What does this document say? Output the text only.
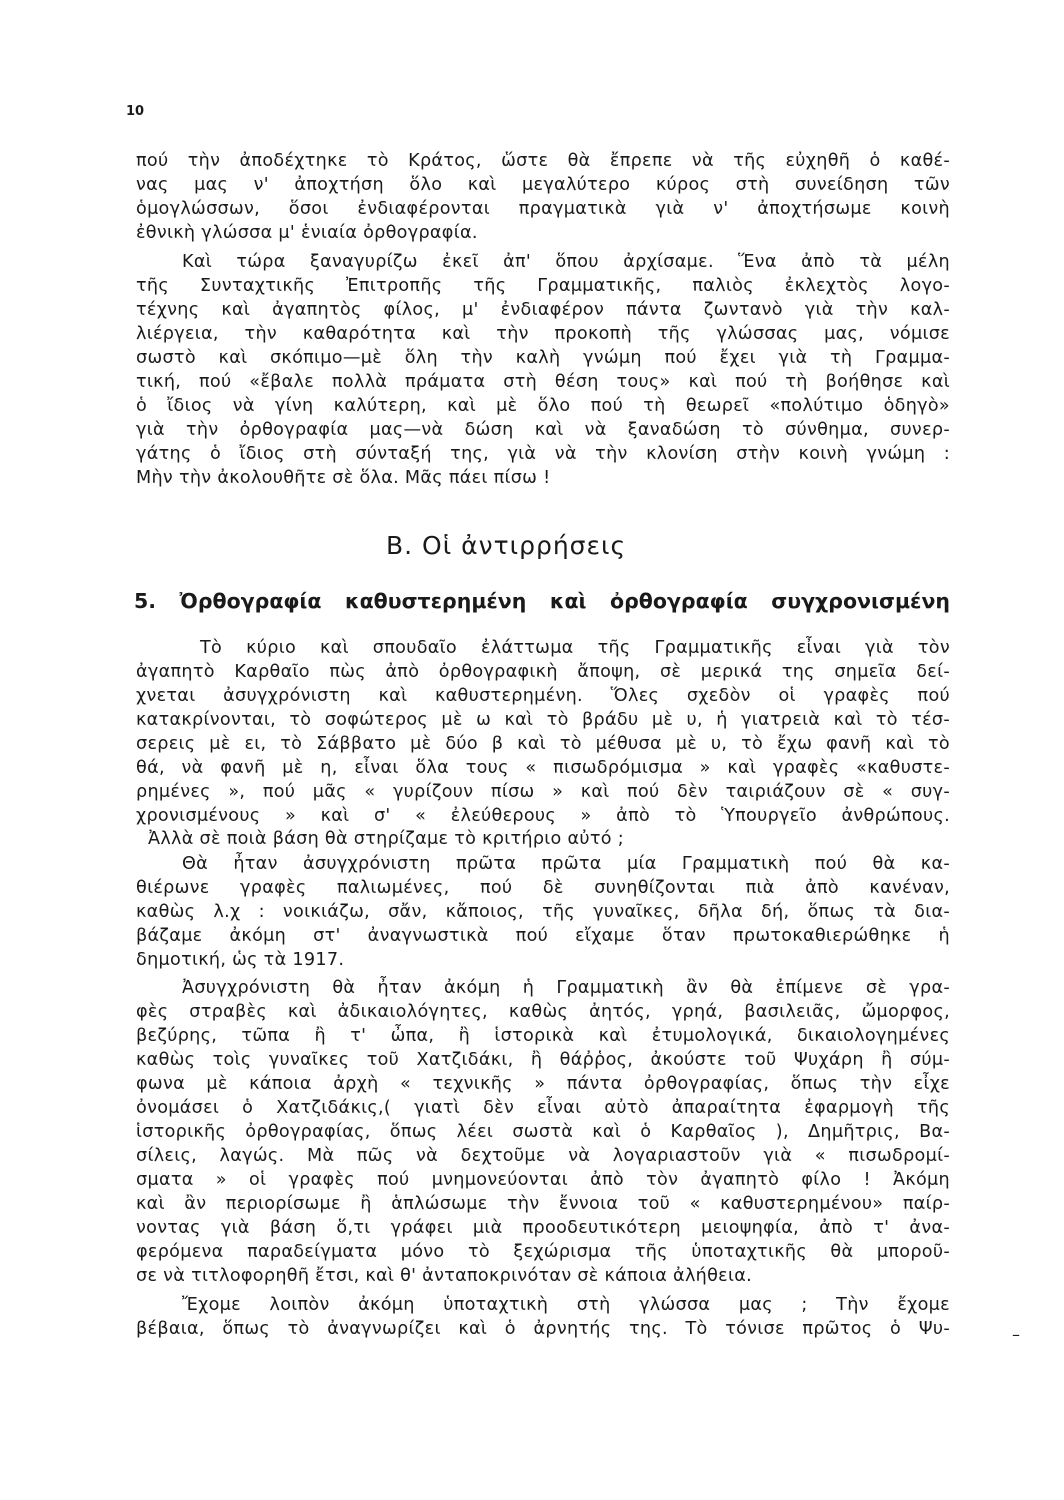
10
πού τὴν ἀποδέχτηκε τὸ Κράτος, ὥστε θὰ ἔπρεπε νὰ τῆς εὐχηθῆ ὁ καθέ-
νας μας ν' ἀποχτήση ὅλο καὶ μεγαλύτερο κύρος στὴ συνείδηση τῶν
ὁμογλώσσων, ὅσοι ἐνδιαφέρονται πραγματικὰ γιὰ ν' ἀποχτήσωμε κοινὴ
ἐθνικὴ γλώσσα μ' ἑνιαία ὀρθογραφία.
Καὶ τώρα ξαναγυρίζω ἐκεῖ ἀπ' ὅπου ἀρχίσαμε. Ἕνα ἀπὸ τὰ μέλη
τῆς Συνταχτικῆς Ἐπιτροπῆς τῆς Γραμματικῆς, παλιὸς ἐκλεχτὸς λογο-
τέχνης καὶ ἀγαπητὸς φίλος, μ' ἐνδιαφέρον πάντα ζωντανὸ γιὰ τὴν καλ-
λιέργεια, τὴν καθαρότητα καὶ τὴν προκοπὴ τῆς γλώσσας μας, νόμισε
σωστὸ καὶ σκόπιμο—μὲ ὅλη τὴν καλὴ γνώμη πού ἔχει γιὰ τὴ Γραμμα-
τική, πού «ἔβαλε πολλὰ πράματα στὴ θέση τους» καὶ πού τὴ βοήθησε καὶ
ὁ ἴδιος νὰ γίνη καλύτερη, καὶ μὲ ὅλο πού τὴ θεωρεῖ «πολύτιμο ὁδηγὸ»
γιὰ τὴν ὀρθογραφία μας—νὰ δώση καὶ νὰ ξαναδώση τὸ σύνθημα, συνερ-
γάτης ὁ ἴδιος στὴ σύνταξή της, γιὰ νὰ τὴν κλονίση στὴν κοινὴ γνώμη :
Μὴν τὴν ἀκολουθῆτε σὲ ὅλα. Μᾶς πάει πίσω !
Β. Οἱ ἀντιρρήσεις
5. Ὀρθογραφία καθυστερημένη καὶ ὀρθογραφία συγχρονισμένη
Τὸ κύριο καὶ σπουδαῖο ἐλάττωμα τῆς Γραμματικῆς εἶναι γιὰ τὸν
ἀγαπητὸ Καρθαῖο πὼς ἀπὸ ὀρθογραφικὴ ἄποψη, σὲ μερικά της σημεῖα δεί-
χνεται ἀσυγχρόνιστη καὶ καθυστερημένη. Ὅλες σχεδὸν οἱ γραφὲς πού
κατακρίνονται, τὸ σοφώτερος μὲ ω καὶ τὸ βράδυ μὲ υ, ἡ γιατρειὰ καὶ τὸ τέσ-
σερεις μὲ ει, τὸ Σάββατο μὲ δύο β καὶ τὸ μέθυσα μὲ υ, τὸ ἔχω φανῆ καὶ τὸ
θά, νὰ φανῆ μὲ η, εἶναι ὅλα τους « πισωδρόμισμα » καὶ γραφὲς «καθυστε-
ρημένες », πού μᾶς « γυρίζουν πίσω » καὶ πού δὲν ταιριάζουν σὲ « συγ-
χρονισμένους » καὶ σ' « ἐλεύθερους » ἀπὸ τὸ Ὑπουργεῖο ἀνθρώπους.
Ἀλλὰ σὲ ποιὰ βάση θὰ στηρίζαμε τὸ κριτήριο αὐτό ;
Θὰ ἦταν ἀσυγχρόνιστη πρῶτα πρῶτα μία Γραμματικὴ πού θὰ κα-
θιέρωνε γραφὲς παλιωμένες, πού δὲ συνηθίζονται πιὰ ἀπὸ κανέναν,
καθὼς λ.χ : νοικιάζω, σἄν, κἄποιος, τῆς γυναῖκες, δῆλα δή, ὅπως τὰ δια-
βάζαμε ἀκόμη στ' ἀναγνωστικὰ πού εἴχαμε ὅταν πρωτοκαθιερώθηκε ἡ
δημοτική, ὡς τὰ 1917.
Ἀσυγχρόνιστη θὰ ἦταν ἀκόμη ἡ Γραμματικὴ ἂν θὰ ἐπίμενε σὲ γρα-
φὲς στραβὲς καὶ ἀδικαιολόγητες, καθὼς ἀητός, γρηά, βασιλειᾶς, ὤμορφος,
βεζύρης, τῶπα ἢ τ' ὦπα, ἢ ἱστορικὰ καὶ ἐτυμολογικά, δικαιολογημένες
καθὼς τοὶς γυναῖκες τοῦ Χατζιδάκι, ἢ θάῤῥος, ἀκούστε τοῦ Ψυχάρη ἢ σύμ-
φωνα μὲ κάποια ἀρχὴ « τεχνικῆς » πάντα ὀρθογραφίας, ὅπως τὴν εἶχε
ὀνομάσει ὁ Χατζιδάκις,( γιατὶ δὲν εἶναι αὐτὸ ἀπαραίτητα ἐφαρμογὴ τῆς
ἱστορικῆς ὀρθογραφίας, ὅπως λέει σωστὰ καὶ ὁ Καρθαῖος ), Δημῆτρις, Βα-
σίλεις, λαγώς. Μὰ πῶς νὰ δεχτοῦμε νὰ λογαριαστοῦν γιὰ « πισωδρομί-
σματα » οἱ γραφὲς πού μνημονεύονται ἀπὸ τὸν ἀγαπητὸ φίλο ! Ἀκόμη
καὶ ἂν περιορίσωμε ἢ ἁπλώσωμε τὴν ἔννοια τοῦ « καθυστερημένου» παίρ-
νοντας γιὰ βάση ὅ,τι γράφει μιὰ προοδευτικότερη μειοψηφία, ἀπὸ τ' ἀνα-
φερόμενα παραδείγματα μόνο τὸ ξεχώρισμα τῆς ὑποταχτικῆς θὰ μποροῦ-
σε νὰ τιτλοφορηθῆ ἔτσι, καὶ θ' ἀνταποκρινόταν σὲ κάποια ἀλήθεια.
Ἔχομε λοιπὸν ἀκόμη ὑποταχτικὴ στὴ γλώσσα μας ; Τὴν ἔχομε
βέβαια, ὅπως τὸ ἀναγνωρίζει καὶ ὁ ἀρνητής της. Τὸ τόνισε πρῶτος ὁ Ψυ-	–
